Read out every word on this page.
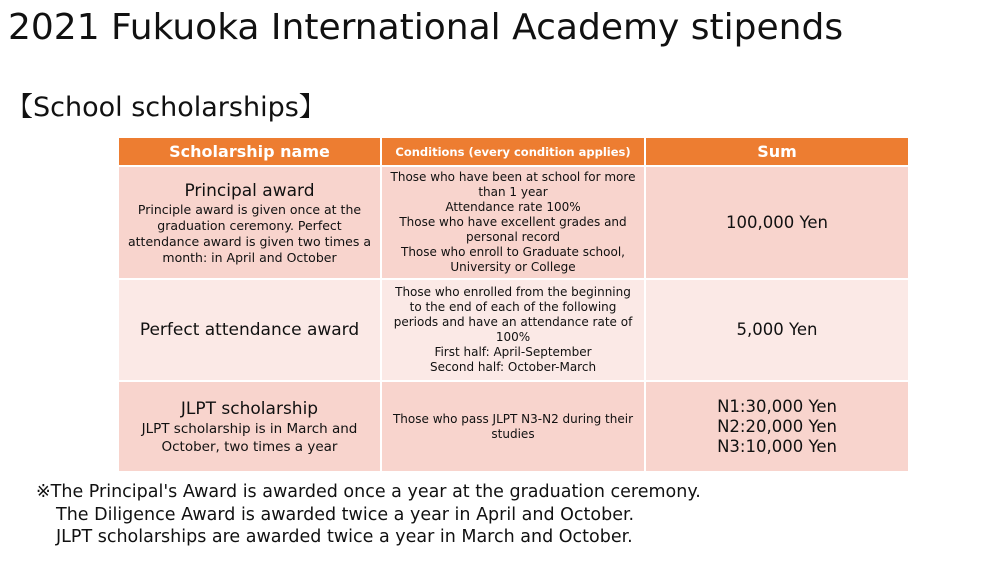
2021 Fukuoka International Academy stipends
【School scholarships】
Scholarship name	Conditions (every condition applies)	Sum

Principal award
Principle award is given once at the graduation ceremony. Perfect attendance award is given two times a month: in April and October	Those who have been at school for more than 1 year
Attendance rate 100%
Those who have excellent grades and personal record
Those who enroll to Graduate school, University or College	100,000 Yen

Perfect attendance award	Those who enrolled from the beginning to the end of each of the following periods and have an attendance rate of 100%
First half: April-September
Second half: October-March	5,000 Yen

JLPT scholarship
JLPT scholarship is in March and October, two times a year	Those who pass JLPT N3-N2 during their studies	N1:30,000 Yen
N2:20,000 Yen
N3:10,000 Yen
※The Principal's Award is awarded once a year at the graduation ceremony.
The Diligence Award is awarded twice a year in April and October.
JLPT scholarships are awarded twice a year in March and October.
